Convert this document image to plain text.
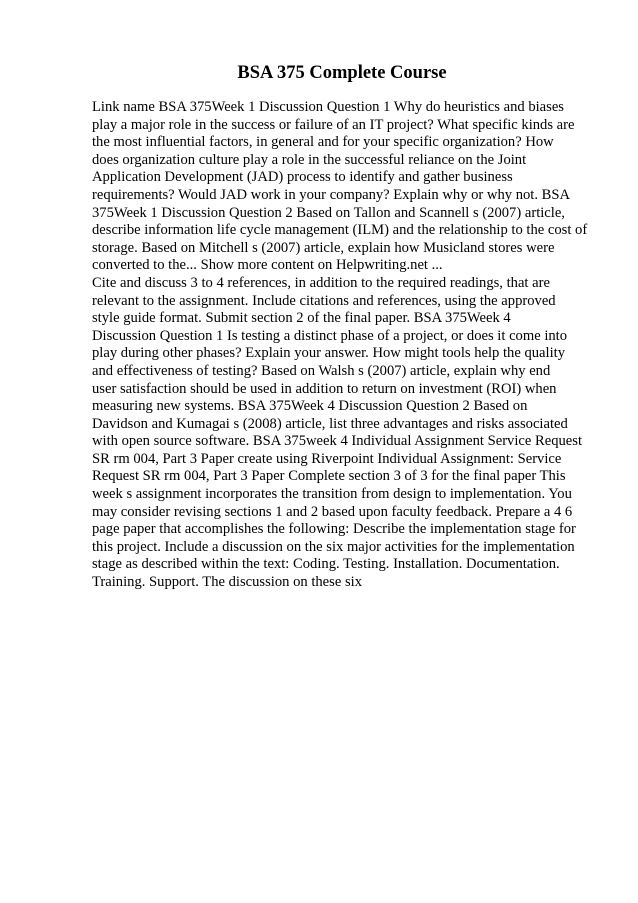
BSA 375 Complete Course
Link name BSA 375Week 1 Discussion Question 1 Why do heuristics and biases
play a major role in the success or failure of an IT project? What specific kinds are
the most influential factors, in general and for your specific organization? How
does organization culture play a role in the successful reliance on the Joint
Application Development (JAD) process to identify and gather business
requirements? Would JAD work in your company? Explain why or why not. BSA
375Week 1 Discussion Question 2 Based on Tallon and Scannell s (2007) article,
describe information life cycle management (ILM) and the relationship to the cost of
storage. Based on Mitchell s (2007) article, explain how Musicland stores were
converted to the... Show more content on Helpwriting.net ...
Cite and discuss 3 to 4 references, in addition to the required readings, that are
relevant to the assignment. Include citations and references, using the approved
style guide format. Submit section 2 of the final paper. BSA 375Week 4
Discussion Question 1 Is testing a distinct phase of a project, or does it come into
play during other phases? Explain your answer. How might tools help the quality
and effectiveness of testing? Based on Walsh s (2007) article, explain why end
user satisfaction should be used in addition to return on investment (ROI) when
measuring new systems. BSA 375Week 4 Discussion Question 2 Based on
Davidson and Kumagai s (2008) article, list three advantages and risks associated
with open source software. BSA 375week 4 Individual Assignment Service Request
SR rm 004, Part 3 Paper create using Riverpoint Individual Assignment: Service
Request SR rm 004, Part 3 Paper Complete section 3 of 3 for the final paper This
week s assignment incorporates the transition from design to implementation. You
may consider revising sections 1 and 2 based upon faculty feedback. Prepare a 4 6
page paper that accomplishes the following: Describe the implementation stage for
this project. Include a discussion on the six major activities for the implementation
stage as described within the text: Coding. Testing. Installation. Documentation.
Training. Support. The discussion on these six
